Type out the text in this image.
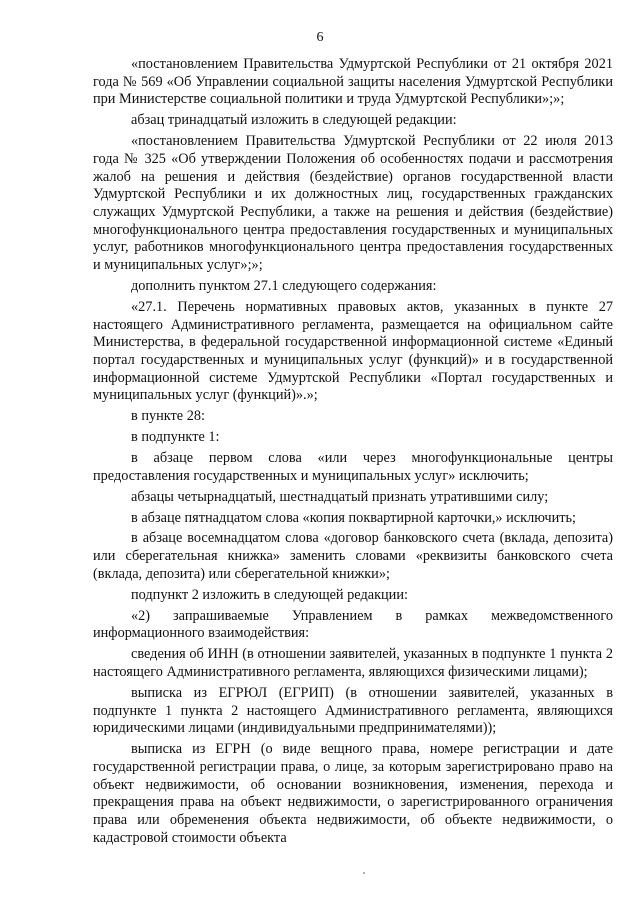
6

«постановлением Правительства Удмуртской Республики от 21 октября 2021 года № 569 «Об Управлении социальной защиты населения Удмуртской Республики при Министерстве социальной политики и труда Удмуртской Республики»;»;

абзац тринадцатый изложить в следующей редакции:

«постановлением Правительства Удмуртской Республики от 22 июля 2013 года № 325 «Об утверждении Положения об особенностях подачи и рассмотрения жалоб на решения и действия (бездействие) органов государственной власти Удмуртской Республики и их должностных лиц, государственных гражданских служащих Удмуртской Республики, а также на решения и действия (бездействие) многофункционального центра предоставления государственных и муниципальных услуг, работников многофункционального центра предоставления государственных и муниципальных услуг»;»;

дополнить пунктом 27.1 следующего содержания:

«27.1. Перечень нормативных правовых актов, указанных в пункте 27 настоящего Административного регламента, размещается на официальном сайте Министерства, в федеральной государственной информационной системе «Единый портал государственных и муниципальных услуг (функций)» и в государственной информационной системе Удмуртской Республики «Портал государственных и муниципальных услуг (функций)».»;

в пункте 28:

в подпункте 1:

в абзаце первом слова «или через многофункциональные центры предоставления государственных и муниципальных услуг» исключить;

абзацы четырнадцатый, шестнадцатый признать утратившими силу;

в абзаце пятнадцатом слова «копия поквартирной карточки,» исключить;

в абзаце восемнадцатом слова «договор банковского счета (вклада, депозита) или сберегательная книжка» заменить словами «реквизиты банковского счета (вклада, депозита) или сберегательной книжки»;

подпункт 2 изложить в следующей редакции:

«2) запрашиваемые Управлением в рамках межведомственного информационного взаимодействия:

сведения об ИНН (в отношении заявителей, указанных в подпункте 1 пункта 2 настоящего Административного регламента, являющихся физическими лицами);

выписка из ЕГРЮЛ (ЕГРИП) (в отношении заявителей, указанных в подпункте 1 пункта 2 настоящего Административного регламента, являющихся юридическими лицами (индивидуальными предпринимателями));

выписка из ЕГРН (о виде вещного права, номере регистрации и дате государственной регистрации права, о лице, за которым зарегистрировано право на объект недвижимости, об основании возникновения, изменения, перехода и прекращения права на объект недвижимости, о зарегистрированного ограничения права или обременения объекта недвижимости, об объекте недвижимости, о кадастровой стоимости объекта
